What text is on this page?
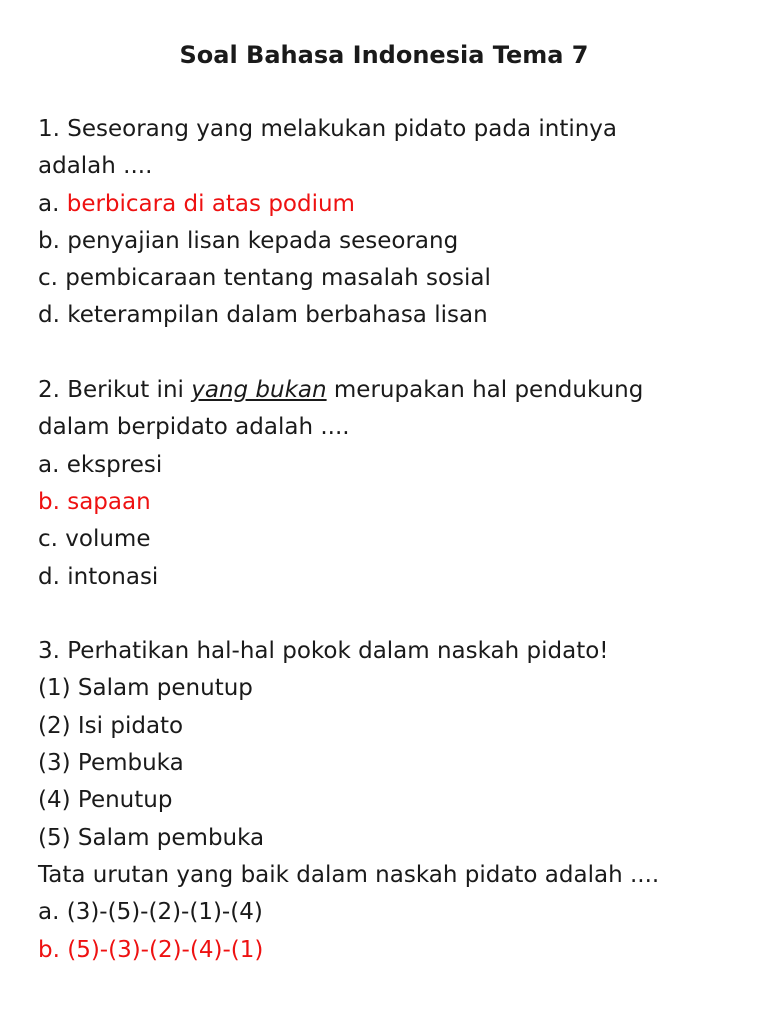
Soal Bahasa Indonesia Tema 7
1. Seseorang yang melakukan pidato pada intinya
adalah ....
a. berbicara di atas podium
b. penyajian lisan kepada seseorang
c. pembicaraan tentang masalah sosial
d. keterampilan dalam berbahasa lisan
2. Berikut ini yang bukan merupakan hal pendukung
dalam berpidato adalah ....
a. ekspresi
b. sapaan
c. volume
d. intonasi
3. Perhatikan hal-hal pokok dalam naskah pidato!
(1) Salam penutup
(2) Isi pidato
(3) Pembuka
(4) Penutup
(5) Salam pembuka
Tata urutan yang baik dalam naskah pidato adalah ....
a. (3)-(5)-(2)-(1)-(4)
b. (5)-(3)-(2)-(4)-(1)
